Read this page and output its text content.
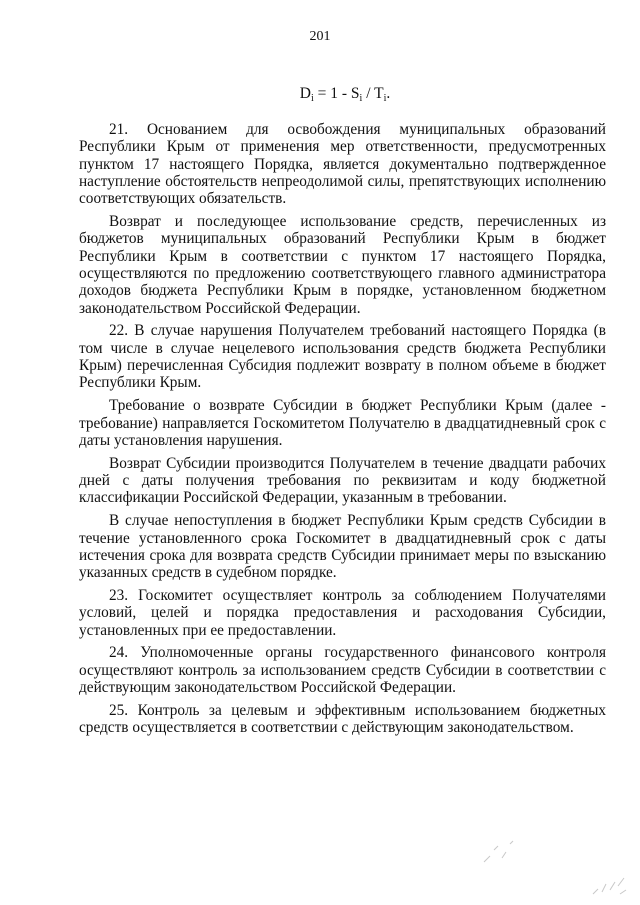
201
$D_i = 1 - S_i / T_i$.

21. Основанием для освобождения муниципальных образований Республики Крым от применения мер ответственности, предусмотренных пунктом 17 настоящего Порядка, является документально подтвержденное наступление обстоятельств непреодолимой силы, препятствующих исполнению соответствующих обязательств.

Возврат и последующее использование средств, перечисленных из бюджетов муниципальных образований Республики Крым в бюджет Республики Крым в соответствии с пунктом 17 настоящего Порядка, осуществляются по предложению соответствующего главного администратора доходов бюджета Республики Крым в порядке, установленном бюджетном законодательством Российской Федерации.

22. В случае нарушения Получателем требований настоящего Порядка (в том числе в случае нецелевого использования средств бюджета Республики Крым) перечисленная Субсидия подлежит возврату в полном объеме в бюджет Республики Крым.

Требование о возврате Субсидии в бюджет Республики Крым (далее - требование) направляется Госкомитетом Получателю в двадцатидневный срок с даты установления нарушения.

Возврат Субсидии производится Получателем в течение двадцати рабочих дней с даты получения требования по реквизитам и коду бюджетной классификации Российской Федерации, указанным в требовании.

В случае непоступления в бюджет Республики Крым средств Субсидии в течение установленного срока Госкомитет в двадцатидневный срок с даты истечения срока для возврата средств Субсидии принимает меры по взысканию указанных средств в судебном порядке.

23. Госкомитет осуществляет контроль за соблюдением Получателями условий, целей и порядка предоставления и расходования Субсидии, установленных при ее предоставлении.

24. Уполномоченные органы государственного финансового контроля осуществляют контроль за использованием средств Субсидии в соответствии с действующим законодательством Российской Федерации.

25. Контроль за целевым и эффективным использованием бюджетных средств осуществляется в соответствии с действующим законодательством.
